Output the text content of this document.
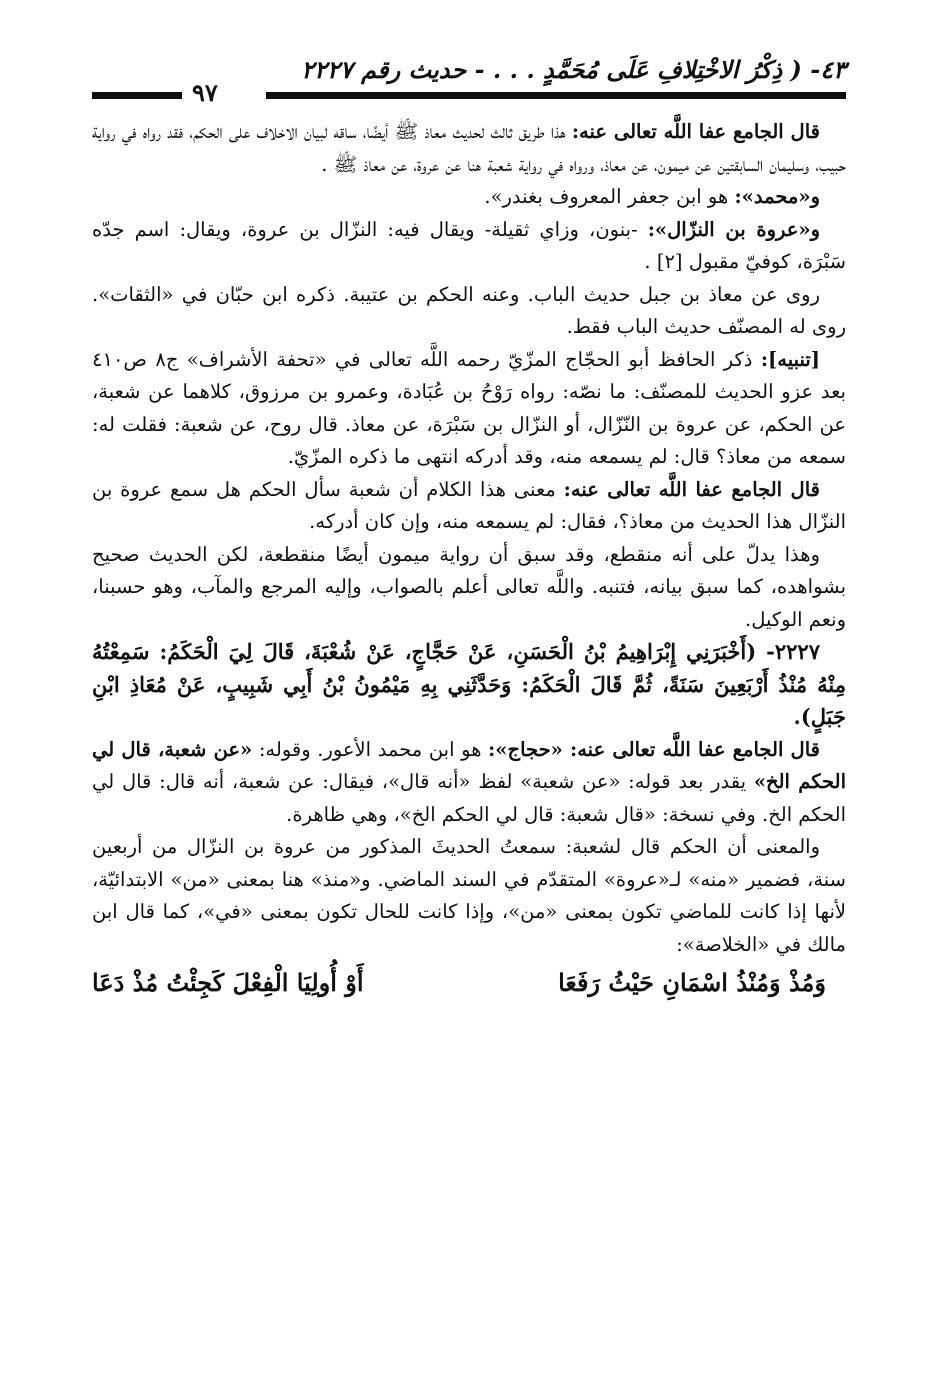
٤٣- ( ذِكْرُ الاخْتِلافِ عَلَى مُحَمَّدٍ . . . - حديث رقم ٢٢٢٧
٩٧

قال الجامع عفا اللَّه تعالى عنه: هذا طريق ثالث لحديث معاذ ﷺ أيضًا، ساقه لبيان الاخلاف على الحكم، فقد رواه في رواية حبيب، وسليمان السابقتين عن ميمون، عن معاذ، ورواه في رواية شعبة هنا عن عروة، عن معاذ ﷺ .

و«محمد»: هو ابن جعفر المعروف بغندر».

و«عروة بن النزّال»: -بنون، وزاي ثقيلة- ويقال فيه: النزّال بن عروة، ويقال: اسم جدّه سَبْرَة، كوفيّ مقبول [٢] .

روى عن معاذ بن جبل حديث الباب. وعنه الحكم بن عتيبة. ذكره ابن حبّان في «الثقات». روى له المصنّف حديث الباب فقط.

[تنبيه]: ذكر الحافظ أبو الحجّاج المزّيّ رحمه اللَّه تعالى في «تحفة الأشراف» ج٨ ص٤١٠ بعد عزو الحديث للمصنّف: ما نصّه: رواه رَوْحُ بن عُبَادة، وعمرو بن مرزوق، كلاهما عن شعبة، عن الحكم، عن عروة بن النّزّال، أو النزّال بن سَبْرَة، عن معاذ. قال روح، عن شعبة: فقلت له: سمعه من معاذ؟ قال: لم يسمعه منه، وقد أدركه انتهى ما ذكره المزّيّ.

قال الجامع عفا اللَّه تعالى عنه: معنى هذا الكلام أن شعبة سأل الحكم هل سمع عروة بن النزّال هذا الحديث من معاذ؟، فقال: لم يسمعه منه، وإن كان أدركه.

وهذا يدلّ على أنه منقطع، وقد سبق أن رواية ميمون أيضًا منقطعة، لكن الحديث صحيح بشواهده، كما سبق بيانه، فتنبه. واللَّه تعالى أعلم بالصواب، وإليه المرجع والمآب، وهو حسبنا، ونعم الوكيل.

٢٢٢٧- (أَخْبَرَنِي إِبْرَاهِيمُ بْنُ الْحَسَنِ، عَنْ حَجَّاجٍ، عَنْ شُعْبَةَ، قَالَ لِيَ الْحَكَمُ: سَمِعْتُهُ مِنْهُ مُنْذُ أَرْبَعِينَ سَنَةً، ثُمَّ قَالَ الْحَكَمُ: وَحَدَّثَنِي بِهِ مَيْمُونُ بْنُ أَبِي شَبِيبٍ، عَنْ مُعَاذِ ابْنِ جَبَلٍ).

قال الجامع عفا اللَّه تعالى عنه: «حجاج»: هو ابن محمد الأعور. وقوله: «عن شعبة، قال لي الحكم الخ» يقدر بعد قوله: «عن شعبة» لفظ «أنه قال»، فيقال: عن شعبة، أنه قال: قال لي الحكم الخ. وفي نسخة: «قال شعبة: قال لي الحكم الخ»، وهي ظاهرة.

والمعنى أن الحكم قال لشعبة: سمعتُ الحديثَ المذكور من عروة بن النزّال من أربعين سنة، فضمير «منه» لـ«عروة» المتقدّم في السند الماضي. و«منذ» هنا بمعنى «من» الابتدائيّة، لأنها إذا كانت للماضي تكون بمعنى «من»، وإذا كانت للحال تكون بمعنى «في»، كما قال ابن مالك في «الخلاصة»:

وَمُذْ وَمُنْذُ اسْمَانِ حَيْثُ رَفَعَا
أَوْ أُولِيَا الْفِعْلَ كَجِئْتُ مُذْ دَعَا
